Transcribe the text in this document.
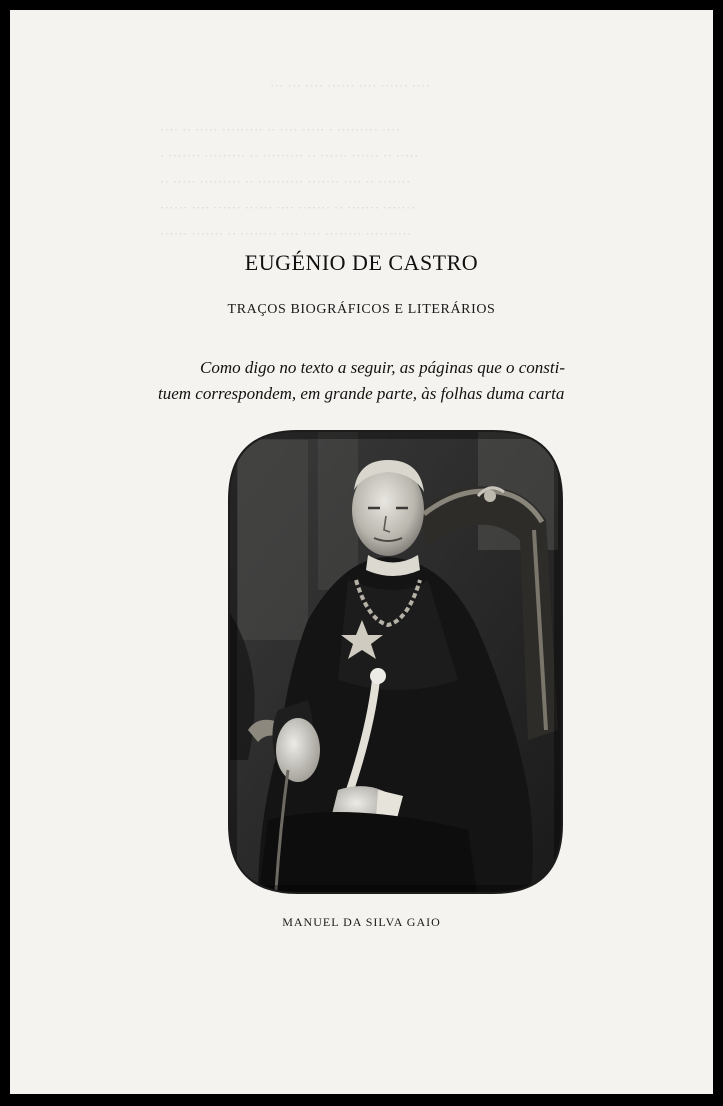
··· ··· ···· ······ ···· ······ ····
···· ·· ····· ········· ·· ···· ····· · ········· ····
· ······· ········· ·· ········· ·· ······ ······ ·· ·····
·· ····· ········· ·· ·········· ······· ···· ·· ·······
······ ···· ······ ······ ···· ······· ·· ······· ·······
······ ······· ·· ········ ···· ···· ········ ··········
EUGÉNIO DE CASTRO
TRAÇOS BIOGRÁFICOS E LITERÁRIOS
Como digo no texto a seguir, as páginas que o consti-
tuem correspondem, em grande parte, às folhas duma carta
MANUEL DA SILVA GAIO
